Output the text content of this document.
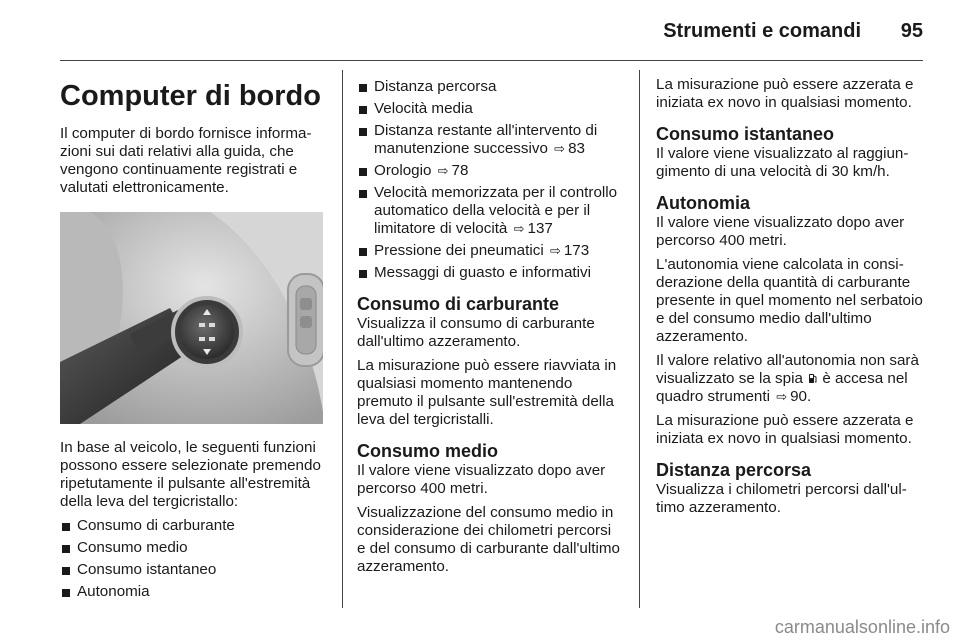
Strumenti e comandi 95
Computer di bordo

Il computer di bordo fornisce informazioni sui dati relativi alla guida, che vengono continuamente registrati e valutati elettronicamente.

In base al veicolo, le seguenti funzioni possono essere selezionate premendo ripetutamente il pulsante all'estremità della leva del tergicristallo:

Consumo di carburante
Consumo medio
Consumo istantaneo
Autonomia
Distanza percorsa
Velocità media
Distanza restante all'intervento di manutenzione successivo ⇨ 83
Orologio ⇨ 78
Velocità memorizzata per il controllo automatico della velocità e per il limitatore di velocità ⇨ 137
Pressione dei pneumatici ⇨ 173
Messaggi di guasto e informativi
Consumo di carburante

Visualizza il consumo di carburante dall'ultimo azzeramento.

La misurazione può essere riavviata in qualsiasi momento mantenendo premuto il pulsante sull'estremità della leva del tergicristalli.

Consumo medio

Il valore viene visualizzato dopo aver percorso 400 metri.

Visualizzazione del consumo medio in considerazione dei chilometri percorsi e del consumo di carburante dall'ultimo azzeramento.

La misurazione può essere azzerata e iniziata ex novo in qualsiasi momento.

Consumo istantaneo

Il valore viene visualizzato al raggiungimento di una velocità di 30 km/h.

Autonomia

Il valore viene visualizzato dopo aver percorso 400 metri.

L'autonomia viene calcolata in considerazione della quantità di carburante presente in quel momento nel serbatoio e del consumo medio dall'ultimo azzeramento.

Il valore relativo all'autonomia non sarà visualizzato se la spia è accesa nel quadro strumenti ⇨ 90.

La misurazione può essere azzerata e iniziata ex novo in qualsiasi momento.

Distanza percorsa

Visualizza i chilometri percorsi dall'ultimo azzeramento.

carmanualsonline.info
